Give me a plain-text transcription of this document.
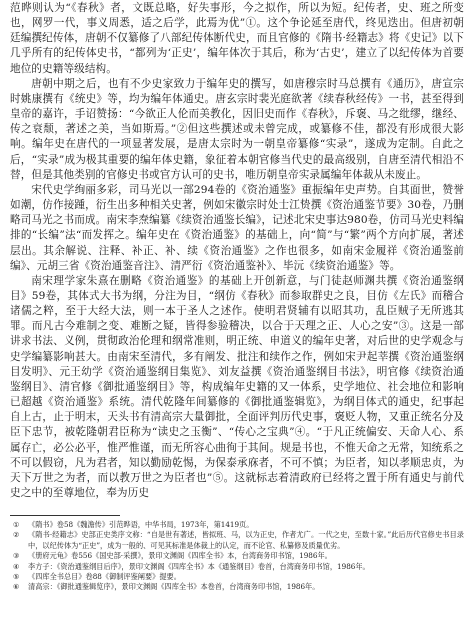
范晔则认为“《春秋》者，文既总略，好失事形，今之拟作，所以为短。纪传者，史、班之所变也，网罗一代，事义周悉，适之后学，此焉为优”①。这个争论延至唐代，终见迭出。但唐初朝廷编撰纪传体，唐朝不仅纂修了八部纪传体断代史，而且官修的《隋书·经籍志》将《史记》以下几乎所有的纪传体史书，“都列为‘正史’，编年体次于其后，称为‘古史’，建立了以纪传体为首要地位的史籍等级结构。

唐朝中期之后，也有不少史家致力于编年史的撰写，如唐穆宗时马总撰有《通历》，唐宣宗时姚康撰有《统史》等，均为编年体通史。唐玄宗时裴光庭欲著《续春秋经传》一书，甚至得到皇帝的嘉许，手诏赞扬：“今欲正人伦而美教化，因旧史而作《春秋》，斥褒、马之纰缪，继经、传之衰颓，著述之美，当如斯焉。”②但这些撰述或未曾完成，或纂修不佳，都没有形成很大影响。编年史在唐代的一项显著发展，是唐太宗时为一朝皇帝纂修“实录”，遂成为定制。自此之后，“实录”成为极其重要的编年体史籍，象征着本朝官修当代史的最高级别，自唐至清代相沿不替，但是其他类别的官修史书或官方认可的史书，唯历朝皇帝实录属编年体裁从未废止。

宋代史学绚丽多彩，司马光以一部294卷的《资治通鉴》重振编年史声势。自其面世，赞誉如潮，仿作接踵，衍生出多种相关史著，例如宋徽宗时处士江贽撰《资治通鉴节要》30卷，乃删略司马光之书而成。南宋李焘编纂《续资治通鉴长编》，记述北宋史事达980卷，仿司马光史料编排的“长编”法“而发挥之。编年史在《资治通鉴》的基础上，向“简”与“繁”两个方向扩展，著述层出。其余解说、注释、补正、补、续《资治通鉴》之作也很多，如南宋金履祥《资治通鉴前编》、元胡三省《资治通鉴音注》、清严衍《资治通鉴补》、毕沅《续资治通鉴》等。

南宋理学家朱熹在删略《资治通鉴》的基础上开创新意，与门徒赵师渊共撰《资治通鉴纲目》59卷，其体式大书为纲，分注为目，“纲仿《春秋》而参取群史之良，目仿《左氏》而稽合诸儒之粹，至于大经大法，则一本于圣人之述作。使明君贤辅有以昭其功，乱臣贼子无所逃其罪。而凡古今难制之变、难断之疑，皆得参验稽决，以合于天理之正、人心之安”③。这是一部讲求书法、义例，贯彻政治伦理和纲常准则，明正统、申道义的编年史著，对后世的史学观念与史学编纂影响甚大。由南宋至清代，多有阐发、批注和续作之作，例如宋尹起莘撰《资治通鉴纲目发明》、元王幼学《资治通鉴纲目集览》、刘友益撰《资治通鉴纲目书法》，明官修《续资治通鉴纲目》、清官修《御批通鉴纲目》等，构成编年史籍的又一体系，史学地位、社会地位和影响已超越《资治通鉴》系统。清代乾隆年间纂修的《御批通鉴辑览》，为纲目体式的通史，纪事起自上古，止于明末，天头书有清高宗大量御批，全面评判历代史事，褒贬人物，又重正统名分及臣下忠节，被乾隆朝君臣称为“读史之玉衡”、“传心之宝典”④。“于凡正统偏安、天命人心、系属存亡，必公必平，惟严惟谨，而无所容心曲徇于其间。规是书也，不惟天命之无常，知统系之不可以假窃，凡为君者，知以勤励乾惕，为保泰承庥者，不可不慎；为臣者，知以孝顺忠贞，为天下万世之为者，而以教万世之为臣者也”⑤。这就标志着清政府已经将之置于所有通史与前代史之中的至尊地位，奉为历史

①	《隋书》卷58《魏澹传》引范晔语，中华书局，1973年，第1419页。
②	《隋书·经籍志》史部正史类序文称：“自是世有著述，皆拟班、马，以为正史，作者尤广。一代之史，至数十家。”此后历代官修史书目录中，以纪传体为“正史”，成为一般的、可见其标准是体裁上的认定，而不论官、私纂修及质量优劣。
③	《册府元龟》卷556《国史部·采撰》，景印文渊阁《四库全书》本，台湾商务印书馆，1986年。
④	李方子：《资治通鉴纲目后序》，景印文渊阁《四库全书》本《通鉴纲目》卷首，台湾商务印书馆，1986年。
⑤	《四库全书总目》卷88《御制评鉴阐要》提要。
⑥	清高宗：《御批通鉴辑览序》，景印文渊阁《四库全书》本卷首，台湾商务印书馆，1986年。
